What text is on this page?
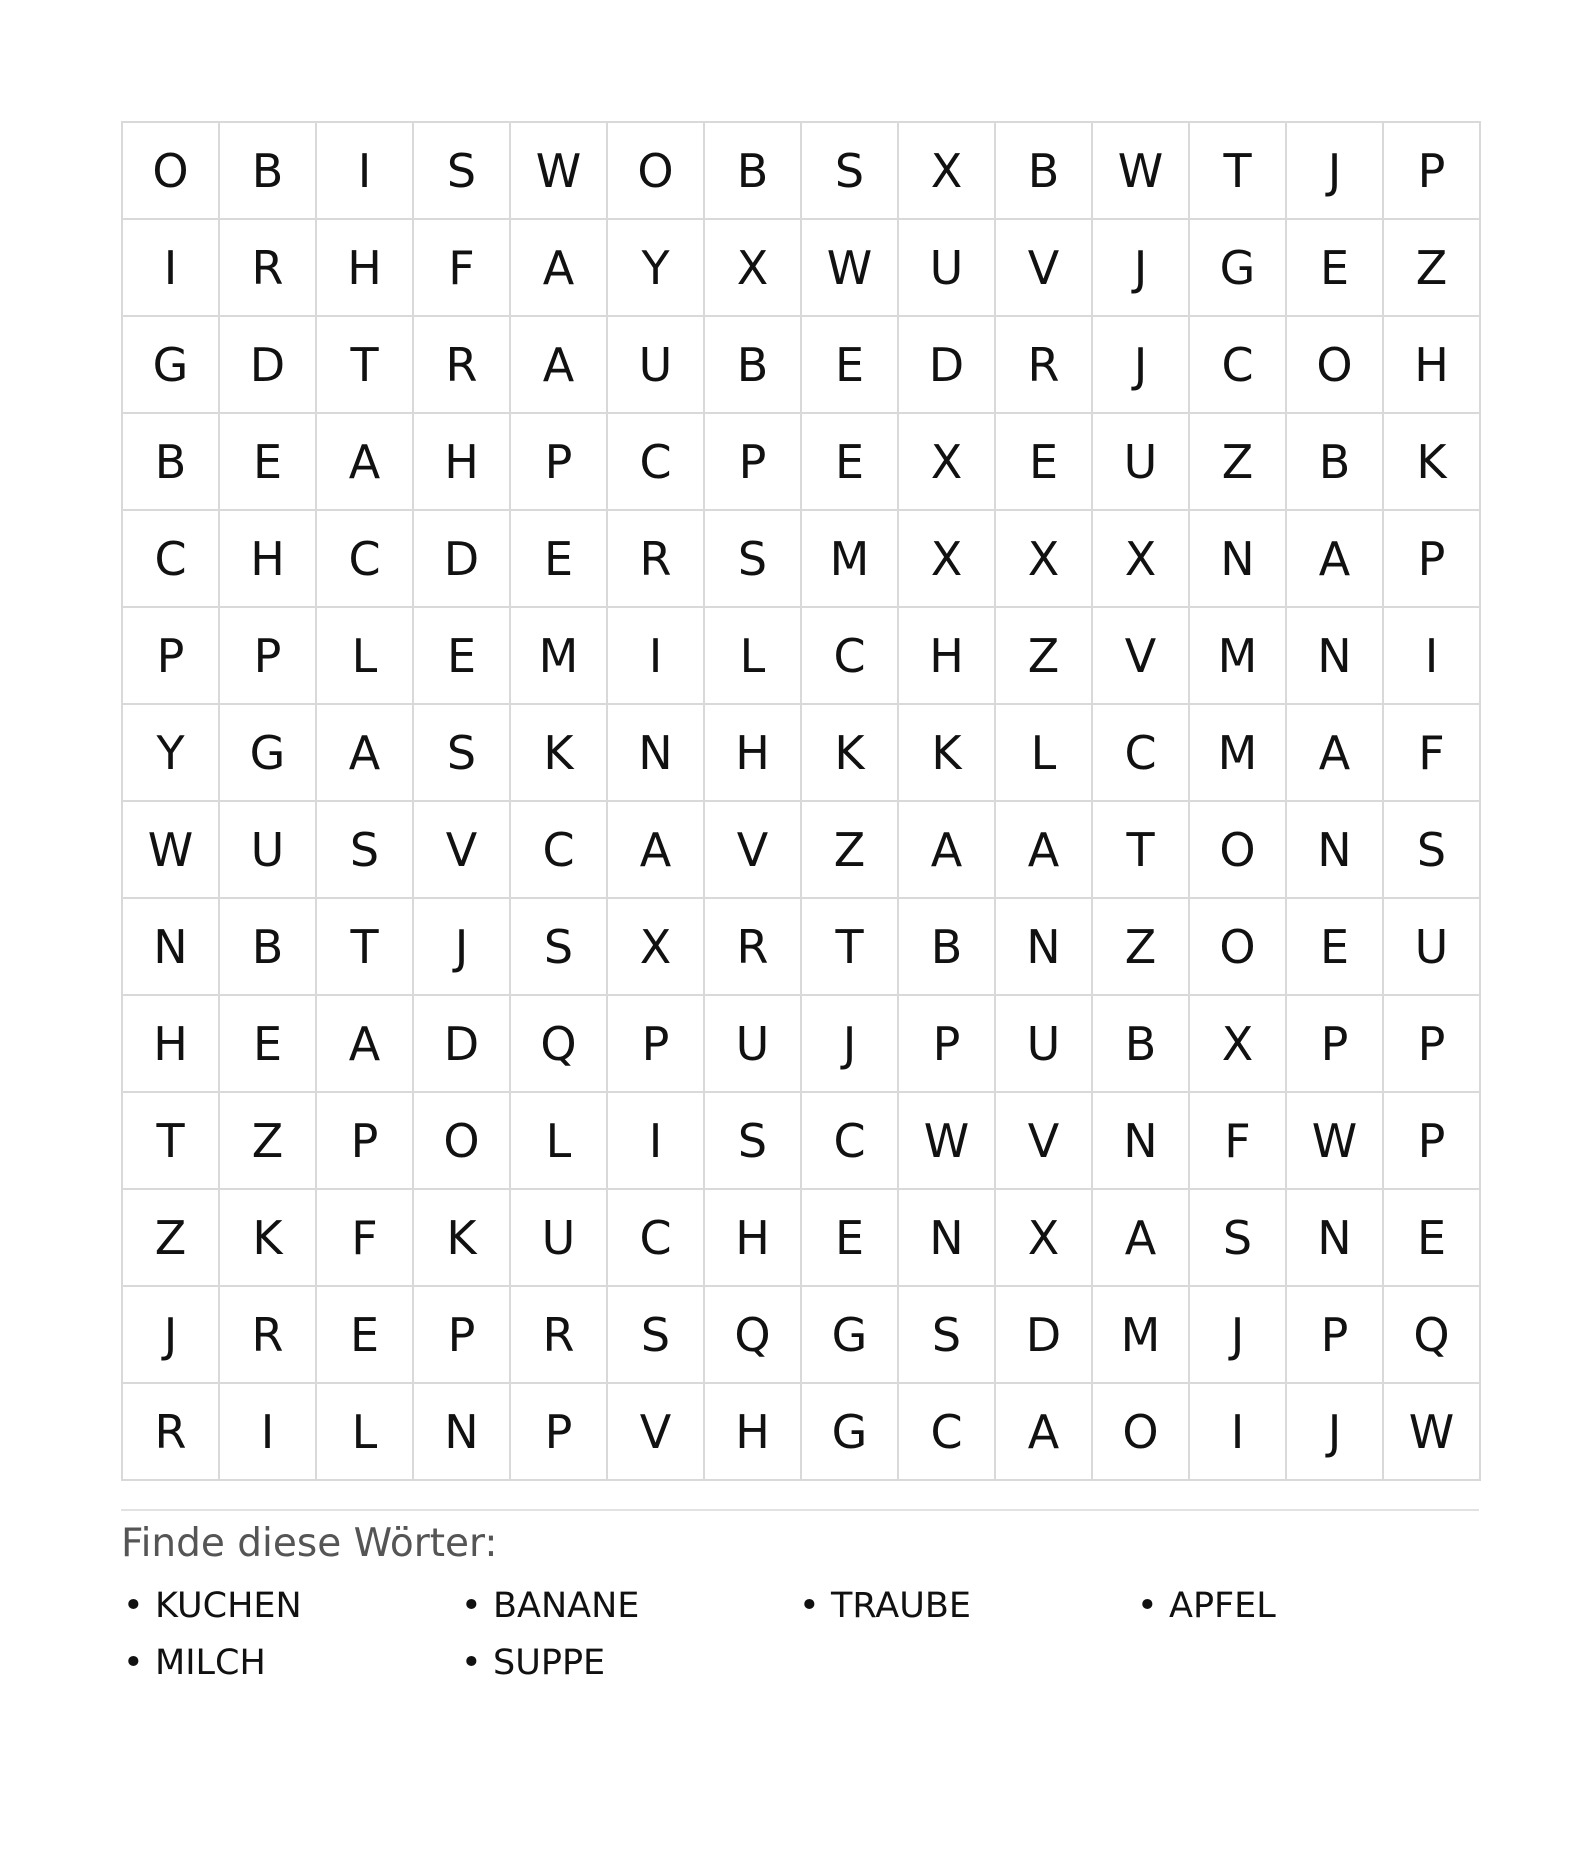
O	B	I	S	W	O	B	S	X	B	W	T	J	P
I	R	H	F	A	Y	X	W	U	V	J	G	E	Z
G	D	T	R	A	U	B	E	D	R	J	C	O	H
B	E	A	H	P	C	P	E	X	E	U	Z	B	K
C	H	C	D	E	R	S	M	X	X	X	N	A	P
P	P	L	E	M	I	L	C	H	Z	V	M	N	I
Y	G	A	S	K	N	H	K	K	L	C	M	A	F
W	U	S	V	C	A	V	Z	A	A	T	O	N	S
N	B	T	J	S	X	R	T	B	N	Z	O	E	U
H	E	A	D	Q	P	U	J	P	U	B	X	P	P
T	Z	P	O	L	I	S	C	W	V	N	F	W	P
Z	K	F	K	U	C	H	E	N	X	A	S	N	E
J	R	E	P	R	S	Q	G	S	D	M	J	P	Q
R	I	L	N	P	V	H	G	C	A	O	I	J	W
Finde diese Wörter:
• KUCHEN	• BANANE	• TRAUBE	• APFEL
• MILCH	• SUPPE
